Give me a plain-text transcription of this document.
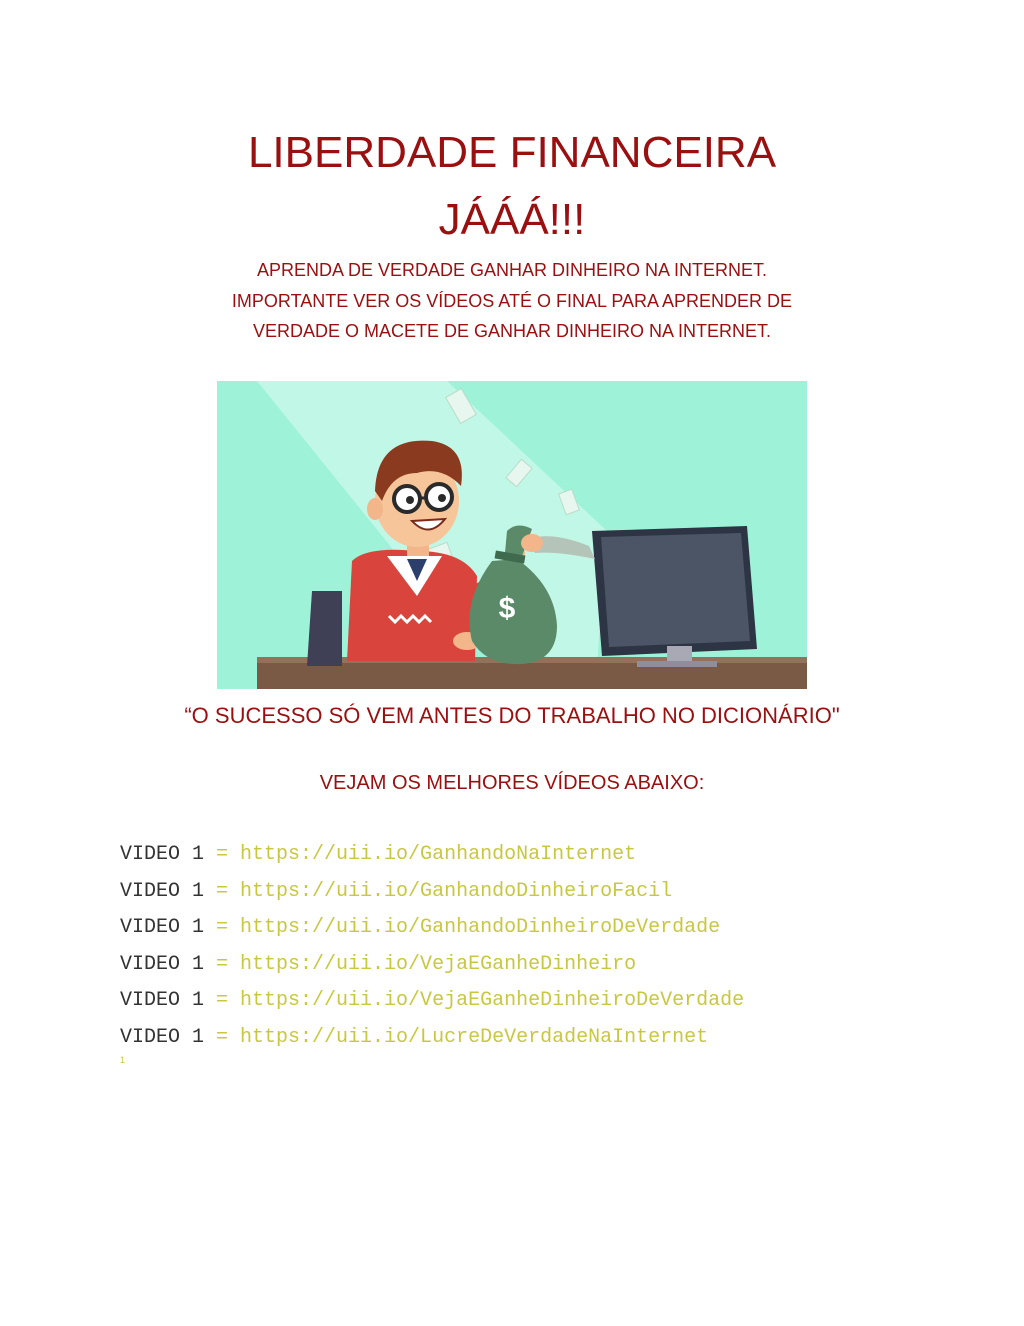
LIBERDADE FINANCEIRA
JÁÁÁ!!!
APRENDA DE VERDADE GANHAR DINHEIRO NA INTERNET.
IMPORTANTE VER OS VÍDEOS ATÉ O FINAL PARA APRENDER DE
VERDADE O MACETE DE GANHAR DINHEIRO NA INTERNET.
$
“O SUCESSO SÓ VEM ANTES DO TRABALHO NO DICIONÁRIO"
VEJAM OS MELHORES VÍDEOS ABAIXO:
VIDEO 1 = https://uii.io/GanhandoNaInternet
VIDEO 1 = https://uii.io/GanhandoDinheiroFacil
VIDEO 1 = https://uii.io/GanhandoDinheiroDeVerdade
VIDEO 1 = https://uii.io/VejaEGanheDinheiro
VIDEO 1 = https://uii.io/VejaEGanheDinheiroDeVerdade
VIDEO 1 = https://uii.io/LucreDeVerdadeNaInternet
1
